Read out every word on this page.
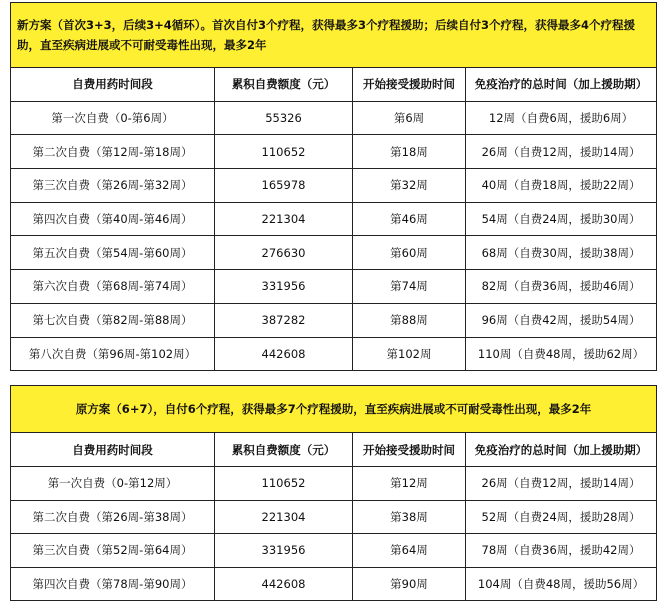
新方案（首次3+3，后续3+4循环）。首次自付3个疗程，获得最多3个疗程援助；后续自付3个疗程，获得最多4个疗程援助，直至疾病进展或不可耐受毒性出现，最多2年			
自费用药时间段	累积自费额度（元）	开始接受援助时间	免疫治疗的总时间（加上援助期）
第一次自费（0-第6周）	55326	第6周	12周（自费6周，援助6周）
第二次自费（第12周-第18周）	110652	第18周	26周（自费12周，援助14周）
第三次自费（第26周-第32周）	165978	第32周	40周（自费18周，援助22周）
第四次自费（第40周-第46周）	221304	第46周	54周（自费24周，援助30周）
第五次自费（第54周-第60周）	276630	第60周	68周（自费30周，援助38周）
第六次自费（第68周-第74周）	331956	第74周	82周（自费36周，援助46周）
第七次自费（第82周-第88周）	387282	第88周	96周（自费42周，援助54周）
第八次自费（第96周-第102周）	442608	第102周	110周（自费48周，援助62周）
原方案（6+7），自付6个疗程，获得最多7个疗程援助，直至疾病进展或不可耐受毒性出现，最多2年			
自费用药时间段	累积自费额度（元）	开始接受援助时间	免疫治疗的总时间（加上援助期）
第一次自费（0-第12周）	110652	第12周	26周（自费12周，援助14周）
第二次自费（第26周-第38周）	221304	第38周	52周（自费24周，援助28周）
第三次自费（第52周-第64周）	331956	第64周	78周（自费36周，援助42周）
第四次自费（第78周-第90周）	442608	第90周	104周（自费48周，援助56周）
